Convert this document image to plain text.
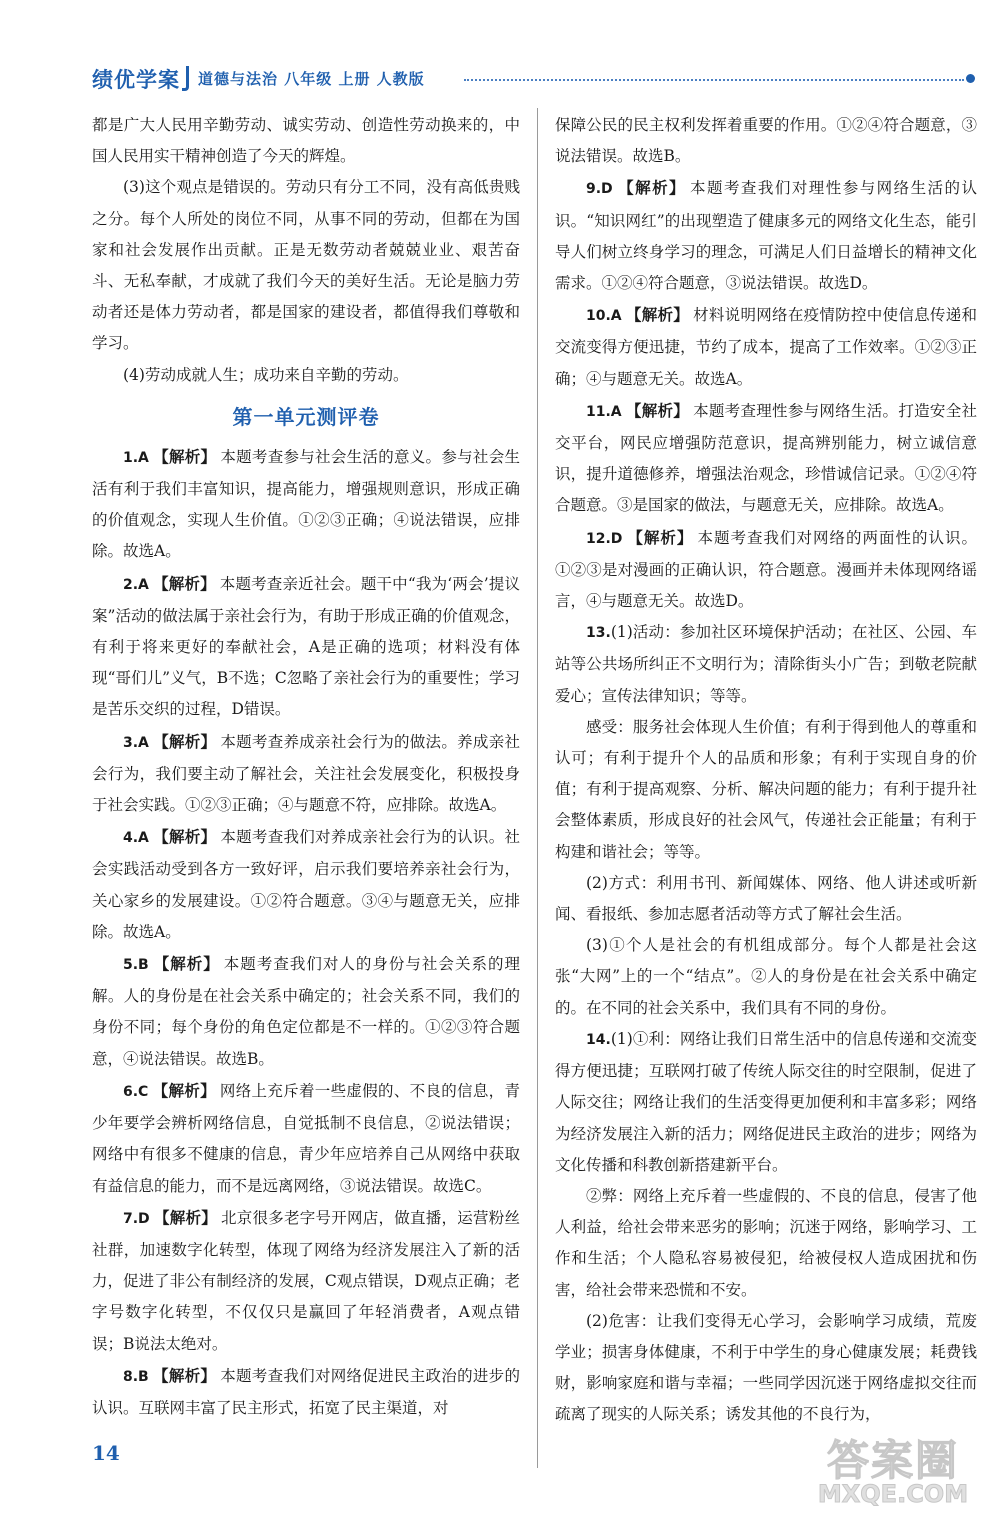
绩优学案 道德与法治 八年级 上册 人教版

都是广大人民用辛勤劳动、诚实劳动、创造性劳动换来的，中国人民用实干精神创造了今天的辉煌。

(3)这个观点是错误的。劳动只有分工不同，没有高低贵贱之分。每个人所处的岗位不同，从事不同的劳动，但都在为国家和社会发展作出贡献。正是无数劳动者兢兢业业、艰苦奋斗、无私奉献，才成就了我们今天的美好生活。无论是脑力劳动者还是体力劳动者，都是国家的建设者，都值得我们尊敬和学习。

(4)劳动成就人生；成功来自辛勤的劳动。

第一单元测评卷

1.A 【解析】 本题考查参与社会生活的意义。参与社会生活有利于我们丰富知识，提高能力，增强规则意识，形成正确的价值观念，实现人生价值。①②③正确；④说法错误，应排除。故选A。

2.A 【解析】 本题考查亲近社会。题干中“我为‘两会’提议案”活动的做法属于亲社会行为，有助于形成正确的价值观念，有利于将来更好的奉献社会，A是正确的选项；材料没有体现“哥们儿”义气，B不选；C忽略了亲社会行为的重要性；学习是苦乐交织的过程，D错误。

3.A 【解析】 本题考查养成亲社会行为的做法。养成亲社会行为，我们要主动了解社会，关注社会发展变化，积极投身于社会实践。①②③正确；④与题意不符，应排除。故选A。

4.A 【解析】 本题考查我们对养成亲社会行为的认识。社会实践活动受到各方一致好评，启示我们要培养亲社会行为，关心家乡的发展建设。①②符合题意。③④与题意无关，应排除。故选A。

5.B 【解析】 本题考查我们对人的身份与社会关系的理解。人的身份是在社会关系中确定的；社会关系不同，我们的身份不同；每个身份的角色定位都是不一样的。①②③符合题意，④说法错误。故选B。

6.C 【解析】 网络上充斥着一些虚假的、不良的信息，青少年要学会辨析网络信息，自觉抵制不良信息，②说法错误；网络中有很多不健康的信息，青少年应培养自己从网络中获取有益信息的能力，而不是远离网络，③说法错误。故选C。

7.D 【解析】 北京很多老字号开网店，做直播，运营粉丝社群，加速数字化转型，体现了网络为经济发展注入了新的活力，促进了非公有制经济的发展，C观点错误，D观点正确；老字号数字化转型，不仅仅只是赢回了年轻消费者，A观点错误；B说法太绝对。

8.B 【解析】 本题考查我们对网络促进民主政治的进步的认识。互联网丰富了民主形式，拓宽了民主渠道，对

保障公民的民主权利发挥着重要的作用。①②④符合题意，③说法错误。故选B。

9.D 【解析】 本题考查我们对理性参与网络生活的认识。“知识网红”的出现塑造了健康多元的网络文化生态，能引导人们树立终身学习的理念，可满足人们日益增长的精神文化需求。①②④符合题意，③说法错误。故选D。

10.A 【解析】 材料说明网络在疫情防控中使信息传递和交流变得方便迅捷，节约了成本，提高了工作效率。①②③正确；④与题意无关。故选A。

11.A 【解析】 本题考查理性参与网络生活。打造安全社交平台，网民应增强防范意识，提高辨别能力，树立诚信意识，提升道德修养，增强法治观念，珍惜诚信记录。①②④符合题意。③是国家的做法，与题意无关，应排除。故选A。

12.D 【解析】 本题考查我们对网络的两面性的认识。①②③是对漫画的正确认识，符合题意。漫画并未体现网络谣言，④与题意无关。故选D。

13.(1)活动：参加社区环境保护活动；在社区、公园、车站等公共场所纠正不文明行为；清除街头小广告；到敬老院献爱心；宣传法律知识；等等。

感受：服务社会体现人生价值；有利于得到他人的尊重和认可；有利于提升个人的品质和形象；有利于实现自身的价值；有利于提高观察、分析、解决问题的能力；有利于提升社会整体素质，形成良好的社会风气，传递社会正能量；有利于构建和谐社会；等等。

(2)方式：利用书刊、新闻媒体、网络、他人讲述或听新闻、看报纸、参加志愿者活动等方式了解社会生活。

(3)①个人是社会的有机组成部分。每个人都是社会这张“大网”上的一个“结点”。②人的身份是在社会关系中确定的。在不同的社会关系中，我们具有不同的身份。

14.(1)①利：网络让我们日常生活中的信息传递和交流变得方便迅捷；互联网打破了传统人际交往的时空限制，促进了人际交往；网络让我们的生活变得更加便利和丰富多彩；网络为经济发展注入新的活力；网络促进民主政治的进步；网络为文化传播和科教创新搭建新平台。

②弊：网络上充斥着一些虚假的、不良的信息，侵害了他人利益，给社会带来恶劣的影响；沉迷于网络，影响学习、工作和生活；个人隐私容易被侵犯，给被侵权人造成困扰和伤害，给社会带来恐慌和不安。

(2)危害：让我们变得无心学习，会影响学习成绩，荒废学业；损害身体健康，不利于中学生的身心健康发展；耗费钱财，影响家庭和谐与幸福；一些同学因沉迷于网络虚拟交往而疏离了现实的人际关系；诱发其他的不良行为，

14	答案圈
MXQE.COM
